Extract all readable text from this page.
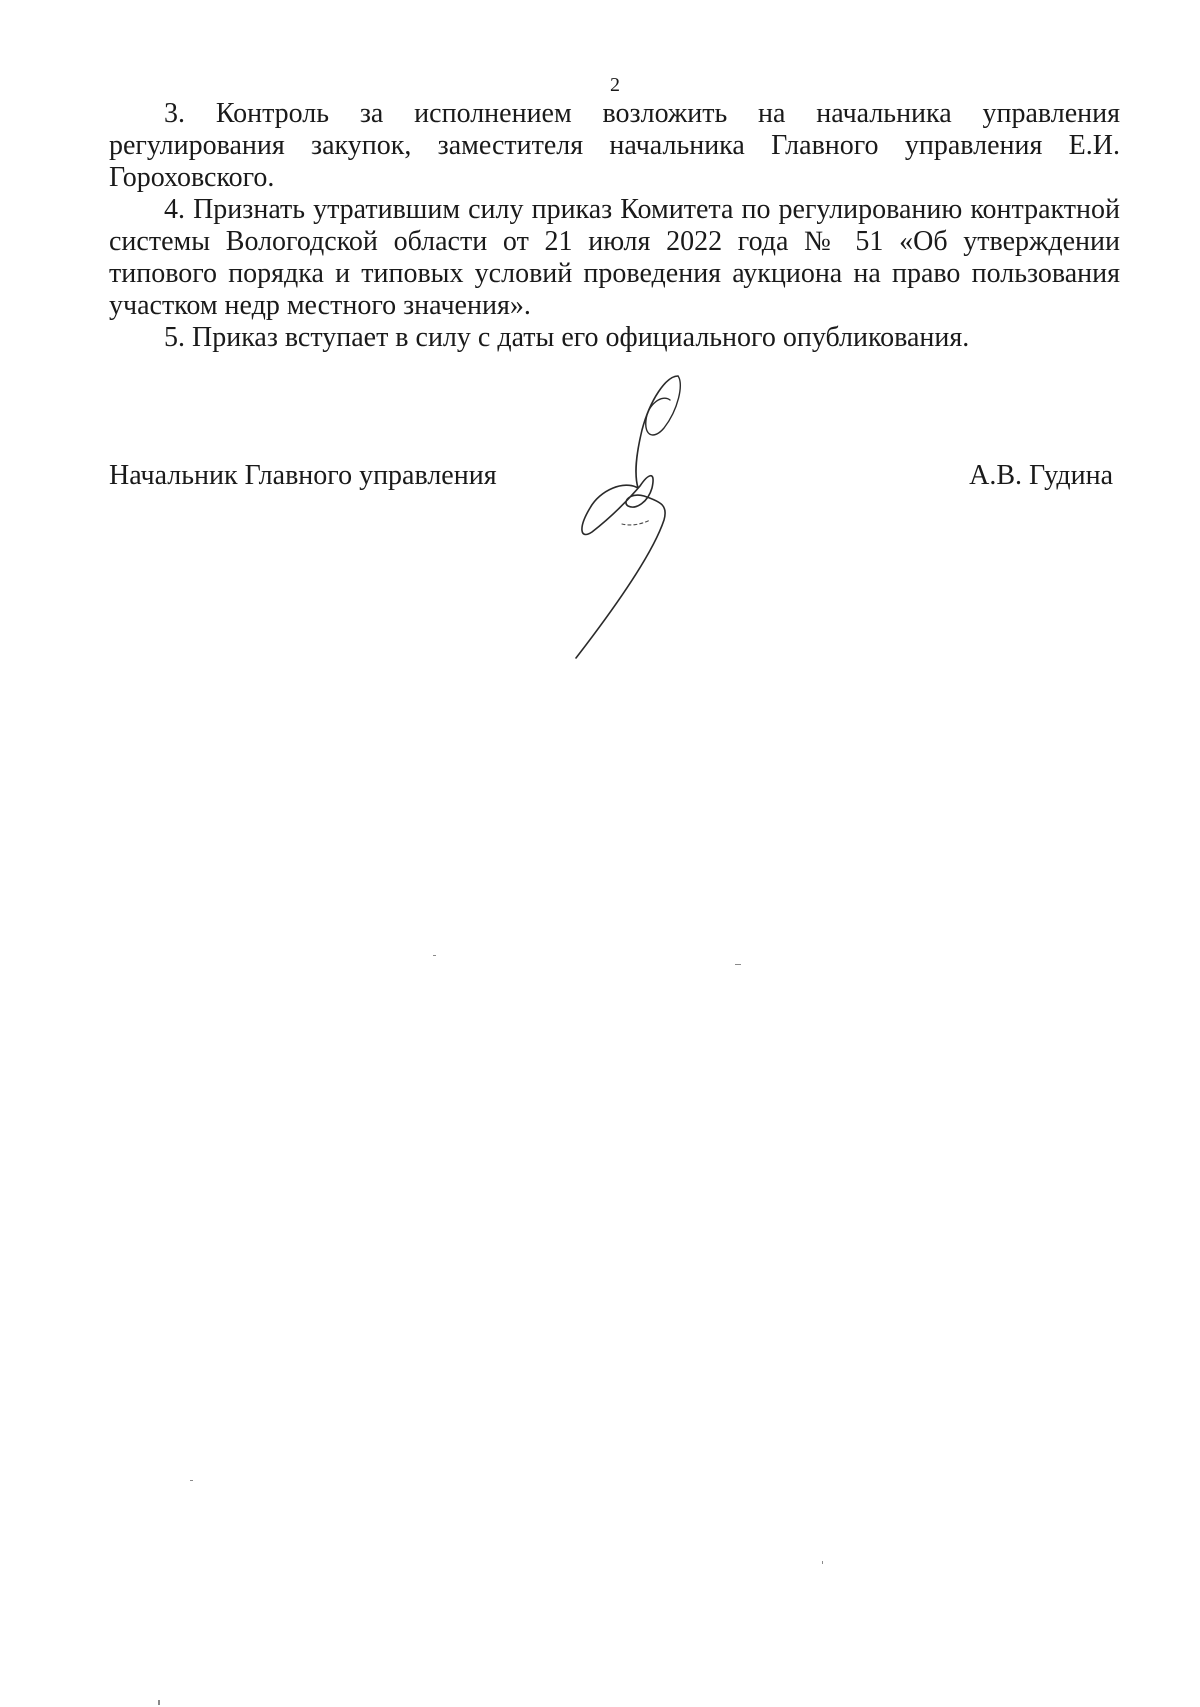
2

3. Контроль за исполнением возложить на начальника управления регулирования закупок, заместителя начальника Главного управления Е.И. Гороховского.

4. Признать утратившим силу приказ Комитета по регулированию контрактной системы Вологодской области от 21 июля 2022 года № 51 «Об утверждении типового порядка и типовых условий проведения аукциона на право пользования участком недр местного значения».

5. Приказ вступает в силу с даты его официального опубликования.

Начальник Главного управления	А.В. Гудина
